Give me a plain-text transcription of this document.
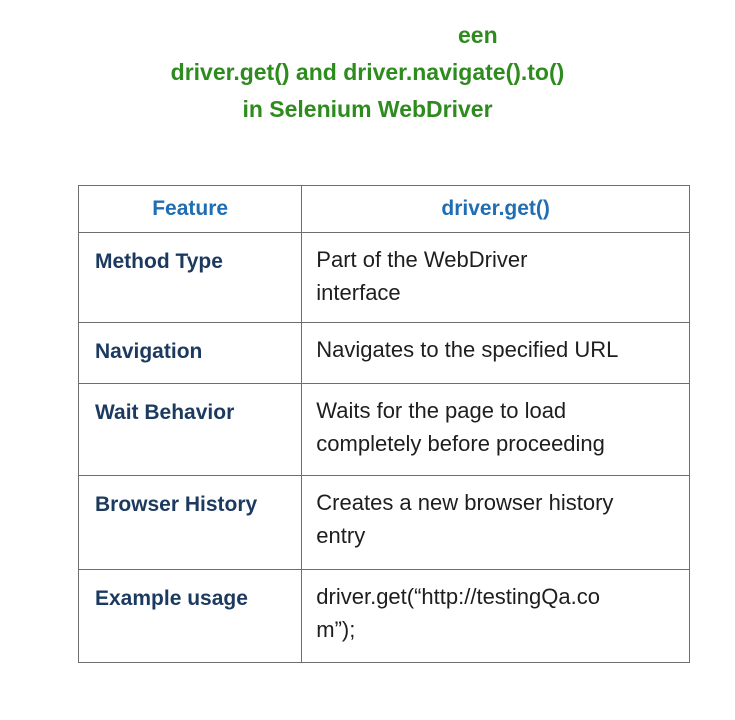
een
driver.get() and driver.navigate().to()
in Selenium WebDriver
Feature	driver.get()
Method Type	Part of the WebDriver
interface

Navigation	Navigates to the specified URL

Wait Behavior	Waits for the page to load
completely before proceeding

Browser History	Creates a new browser history
entry

Example usage	driver.get(“http://testingQa.co
m”);
